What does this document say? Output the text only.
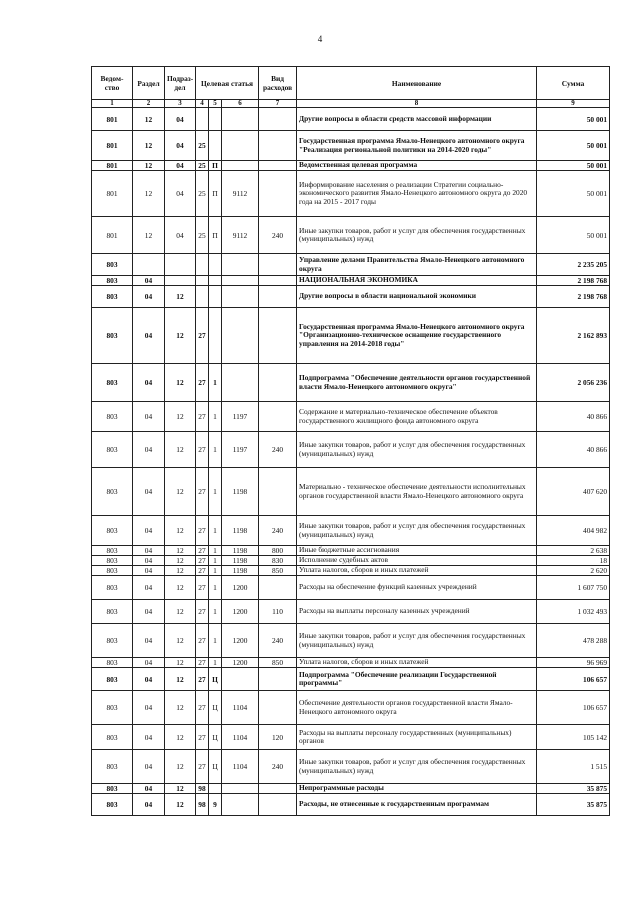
4
Ведом-ство	Раздел	Подраз-дел	Целевая статья			Вид расходов	Наименование	Сумма
1	2	3	4	5	6	7	8	9
801	12	04					Другие вопросы в области средств массовой информации	50 001
801	12	04	25				Государственная программа Ямало-Ненецкого автономного округа "Реализация региональной политики на 2014-2020 годы"	50 001
801	12	04	25	П			Ведомственная целевая программа	50 001
801	12	04	25	П	9112		Информирование населения о реализации Стратегии социально-экономического развития Ямало-Ненецкого автономного округа до 2020 года на 2015 - 2017 годы	50 001
801	12	04	25	П	9112	240	Иные закупки товаров, работ и услуг для обеспечения государственных (муниципальных) нужд	50 001
803							Управление делами Правительства Ямало-Ненецкого автономного округа	2 235 205
803	04						НАЦИОНАЛЬНАЯ ЭКОНОМИКА	2 198 768
803	04	12					Другие вопросы в области национальной экономики	2 198 768
803	04	12	27				Государственная программа Ямало-Ненецкого автономного округа "Организационно-техническое оснащение государственного управления на 2014-2018 годы"	2 162 893
803	04	12	27	1			Подпрограмма "Обеспечение деятельности органов государственной власти Ямало-Ненецкого автономного округа"	2 056 236
803	04	12	27	1	1197		Содержание и материально-техническое обеспечение объектов государственного жилищного фонда автономного округа	40 866
803	04	12	27	1	1197	240	Иные закупки товаров, работ и услуг для обеспечения государственных (муниципальных) нужд	40 866
803	04	12	27	1	1198		Материально - техническое обеспечение деятельности исполнительных органов государственной власти Ямало-Ненецкого автономного округа	407 620
803	04	12	27	1	1198	240	Иные закупки товаров, работ и услуг для обеспечения государственных (муниципальных) нужд	404 982
803	04	12	27	1	1198	800	Иные бюджетные ассигнования	2 638
803	04	12	27	1	1198	830	Исполнение судебных актов	18
803	04	12	27	1	1198	850	Уплата налогов, сборов и иных платежей	2 620
803	04	12	27	1	1200		Расходы на обеспечение функций казенных учреждений	1 607 750
803	04	12	27	1	1200	110	Расходы на выплаты персоналу казенных учреждений	1 032 493
803	04	12	27	1	1200	240	Иные закупки товаров, работ и услуг для обеспечения государственных (муниципальных) нужд	478 288
803	04	12	27	1	1200	850	Уплата налогов, сборов и иных платежей	96 969
803	04	12	27	Ц			Подпрограмма "Обеспечение реализации Государственной программы"	106 657
803	04	12	27	Ц	1104		Обеспечение деятельности органов государственной власти Ямало-Ненецкого автономного округа	106 657
803	04	12	27	Ц	1104	120	Расходы на выплаты персоналу государственных (муниципальных) органов	105 142
803	04	12	27	Ц	1104	240	Иные закупки товаров, работ и услуг для обеспечения государственных (муниципальных) нужд	1 515
803	04	12	98				Непрограммные расходы	35 875
803	04	12	98	9			Расходы, не отнесенные к государственным программам	35 875
